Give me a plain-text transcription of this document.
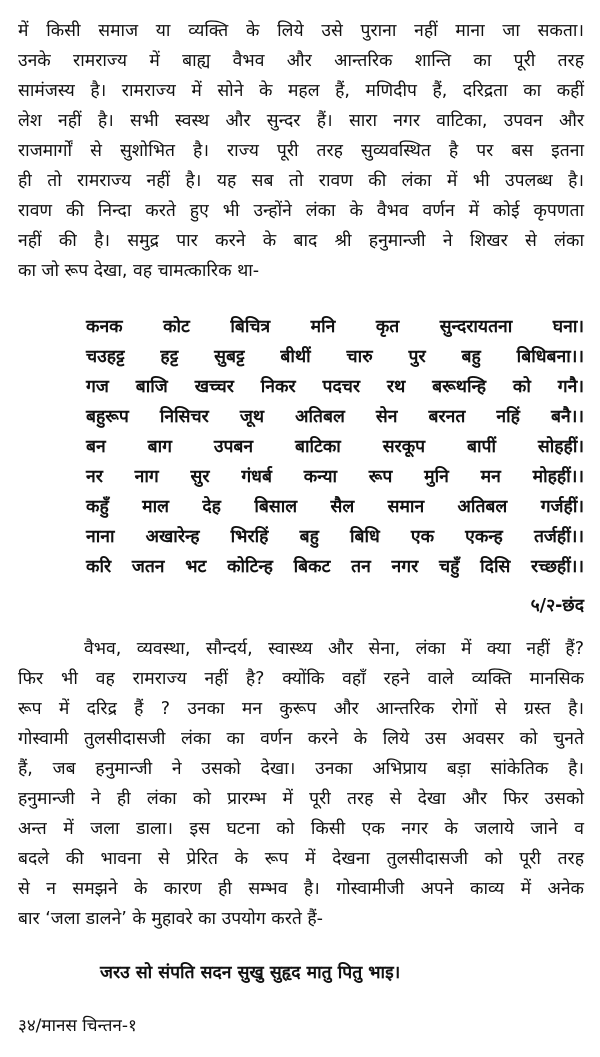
में किसी समाज या व्यक्ति के लिये उसे पुराना नहीं माना जा सकता।
उनके रामराज्य में बाह्य वैभव और आन्तरिक शान्ति का पूरी तरह
सामंजस्य है। रामराज्य में सोने के महल हैं, मणिदीप हैं, दरिद्रता का कहीं
लेश नहीं है। सभी स्वस्थ और सुन्दर हैं। सारा नगर वाटिका, उपवन और
राजमार्गों से सुशोभित है। राज्य पूरी तरह सुव्यवस्थित है पर बस इतना
ही तो रामराज्य नहीं है। यह सब तो रावण की लंका में भी उपलब्ध है।
रावण की निन्दा करते हुए भी उन्होंने लंका के वैभव वर्णन में कोई कृपणता
नहीं की है। समुद्र पार करने के बाद श्री हनुमान्जी ने शिखर से लंका
का जो रूप देखा, वह चामत्कारिक था-
कनक कोट बिचित्र मनि कृत सुन्दरायतना घना।
चउहट्ट हट्ट सुबट्ट बीथीं चारु पुर बहु बिधिबना।।
गज बाजि खच्चर निकर पदचर रथ बरूथन्हि को गनै।
बहुरूप निसिचर जूथ अतिबल सेन बरनत नहिं बनै।।
बन बाग उपबन बाटिका सरकूप बापीं सोहहीं।
नर नाग सुर गंधर्ब कन्या रूप मुनि मन मोहहीं।।
कहुँ माल देह बिसाल सैल समान अतिबल गर्जहीं।
नाना अखारेन्ह भिरहिं बहु बिधि एक एकन्ह तर्जहीं।।
करि जतन भट कोटिन्ह बिकट तन नगर चहुँ दिसि रच्छहीं।।
५/२-छंद
वैभव, व्यवस्था, सौन्दर्य, स्वास्थ्य और सेना, लंका में क्या नहीं हैं?
फिर भी वह रामराज्य नहीं है? क्योंकि वहाँ रहने वाले व्यक्ति मानसिक
रूप में दरिद्र हैं ? उनका मन कुरूप और आन्तरिक रोगों से ग्रस्त है।
गोस्वामी तुलसीदासजी लंका का वर्णन करने के लिये उस अवसर को चुनते
हैं, जब हनुमान्जी ने उसको देखा। उनका अभिप्राय बड़ा सांकेतिक है।
हनुमान्जी ने ही लंका को प्रारम्भ में पूरी तरह से देखा और फिर उसको
अन्त में जला डाला। इस घटना को किसी एक नगर के जलाये जाने व
बदले की भावना से प्रेरित के रूप में देखना तुलसीदासजी को पूरी तरह
से न समझने के कारण ही सम्भव है। गोस्वामीजी अपने काव्य में अनेक
बार ‘जला डालने’ के मुहावरे का उपयोग करते हैं-
जरउ सो संपति सदन सुखु सुहृद मातु पितु भाइ।
३४/मानस चिन्तन-१
